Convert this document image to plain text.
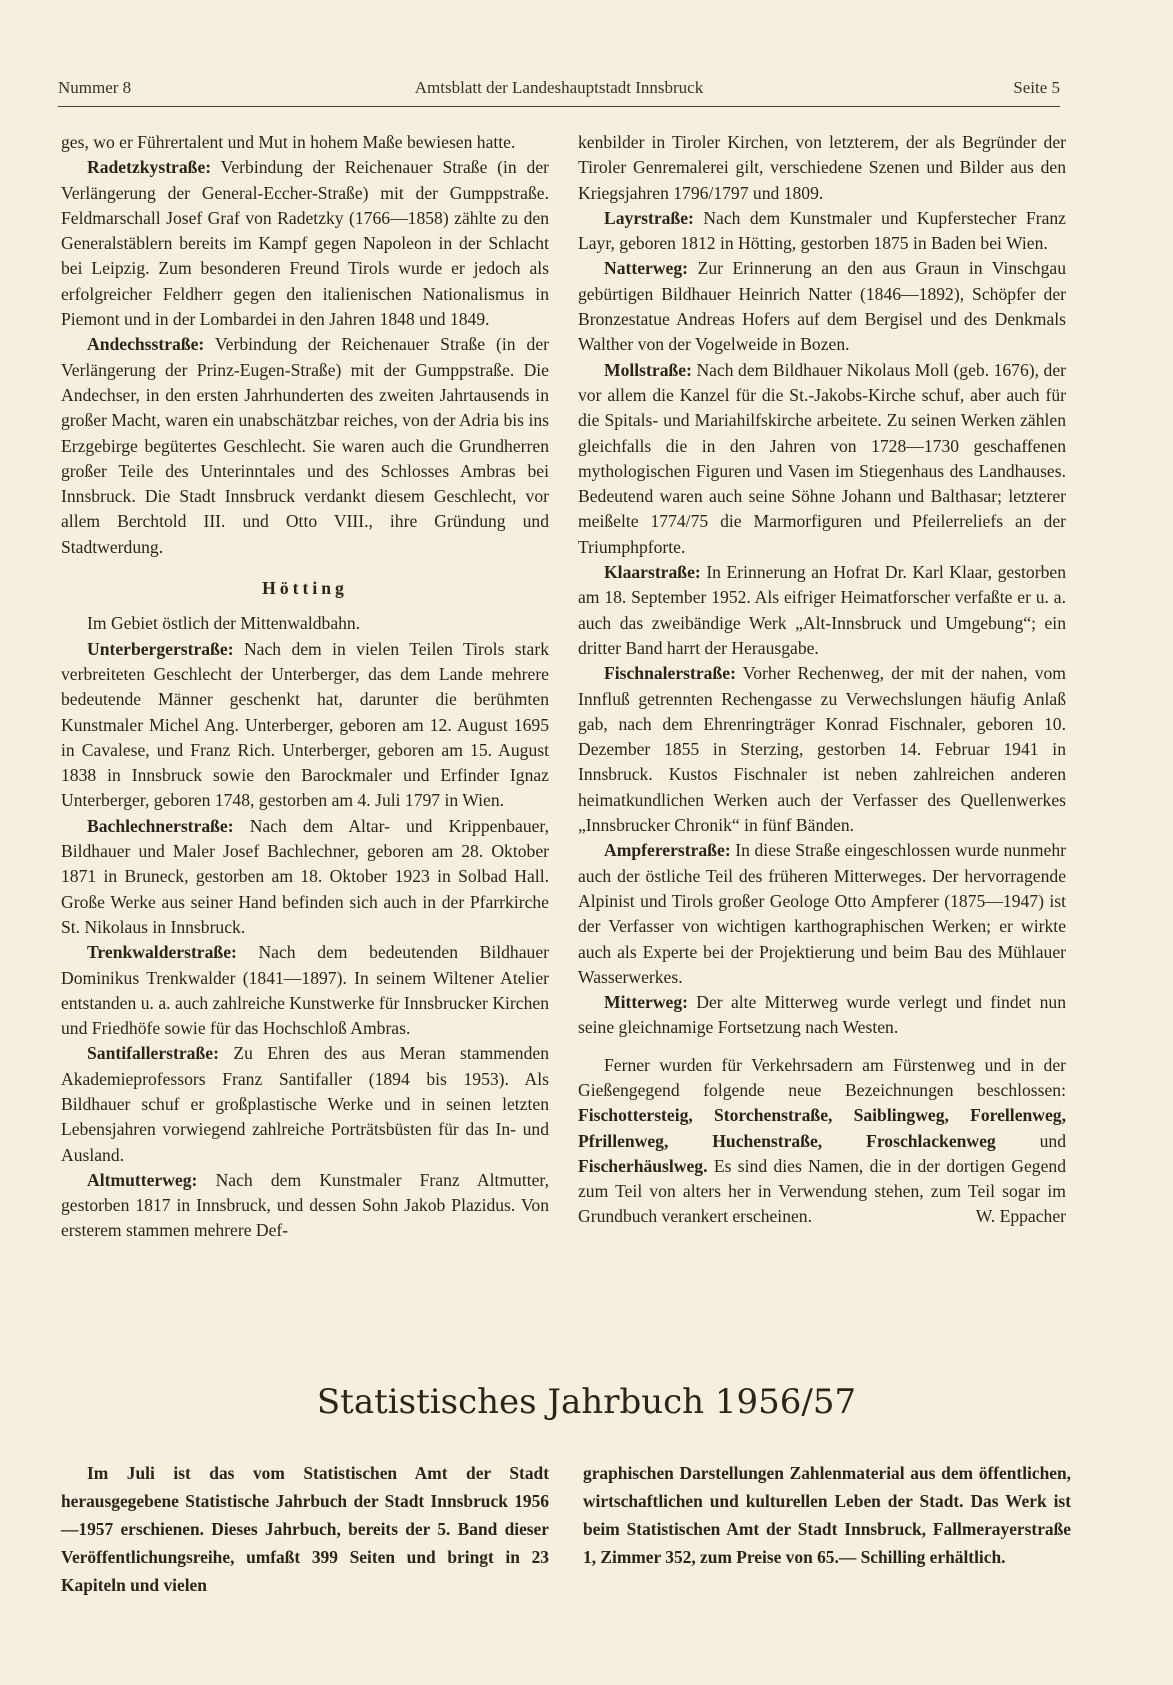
Nummer 8	Amtsblatt der Landeshauptstadt Innsbruck	Seite 5

ges, wo er Führertalent und Mut in hohem Maße bewiesen hatte.

Radetzkystraße: Verbindung der Reichenauer Straße (in der Verlängerung der General-Eccher-Straße) mit der Gumppstraße. Feldmarschall Josef Graf von Radetzky (1766—1858) zählte zu den Generalstäblern bereits im Kampf gegen Napoleon in der Schlacht bei Leipzig. Zum besonderen Freund Tirols wurde er jedoch als erfolgreicher Feldherr gegen den italienischen Nationalismus in Piemont und in der Lombardei in den Jahren 1848 und 1849.

Andechsstraße: Verbindung der Reichenauer Straße (in der Verlängerung der Prinz-Eugen-Straße) mit der Gumppstraße. Die Andechser, in den ersten Jahrhunderten des zweiten Jahrtausends in großer Macht, waren ein unabschätzbar reiches, von der Adria bis ins Erzgebirge begütertes Geschlecht. Sie waren auch die Grundherren großer Teile des Unterinntales und des Schlosses Ambras bei Innsbruck. Die Stadt Innsbruck verdankt diesem Geschlecht, vor allem Berchtold III. und Otto VIII., ihre Gründung und Stadtwerdung.

Hötting

Im Gebiet östlich der Mittenwaldbahn.

Unterbergerstraße: Nach dem in vielen Teilen Tirols stark verbreiteten Geschlecht der Unterberger, das dem Lande mehrere bedeutende Männer geschenkt hat, darunter die berühmten Kunstmaler Michel Ang. Unterberger, geboren am 12. August 1695 in Cavalese, und Franz Rich. Unterberger, geboren am 15. August 1838 in Innsbruck sowie den Barockmaler und Erfinder Ignaz Unterberger, geboren 1748, gestorben am 4. Juli 1797 in Wien.

Bachlechnerstraße: Nach dem Altar- und Krippenbauer, Bildhauer und Maler Josef Bachlechner, geboren am 28. Oktober 1871 in Bruneck, gestorben am 18. Oktober 1923 in Solbad Hall. Große Werke aus seiner Hand befinden sich auch in der Pfarrkirche St. Nikolaus in Innsbruck.

Trenkwalderstraße: Nach dem bedeutenden Bildhauer Dominikus Trenkwalder (1841—1897). In seinem Wiltener Atelier entstanden u. a. auch zahlreiche Kunstwerke für Innsbrucker Kirchen und Friedhöfe sowie für das Hochschloß Ambras.

Santifallerstraße: Zu Ehren des aus Meran stammenden Akademieprofessors Franz Santifaller (1894 bis 1953). Als Bildhauer schuf er großplastische Werke und in seinen letzten Lebensjahren vorwiegend zahlreiche Porträtsbüsten für das In- und Ausland.

Altmutterweg: Nach dem Kunstmaler Franz Altmutter, gestorben 1817 in Innsbruck, und dessen Sohn Jakob Plazidus. Von ersterem stammen mehrere Def-

kenbilder in Tiroler Kirchen, von letzterem, der als Begründer der Tiroler Genremalerei gilt, verschiedene Szenen und Bilder aus den Kriegsjahren 1796/1797 und 1809.

Layrstraße: Nach dem Kunstmaler und Kupferstecher Franz Layr, geboren 1812 in Hötting, gestorben 1875 in Baden bei Wien.

Natterweg: Zur Erinnerung an den aus Graun in Vinschgau gebürtigen Bildhauer Heinrich Natter (1846—1892), Schöpfer der Bronzestatue Andreas Hofers auf dem Bergisel und des Denkmals Walther von der Vogelweide in Bozen.

Mollstraße: Nach dem Bildhauer Nikolaus Moll (geb. 1676), der vor allem die Kanzel für die St.-Jakobs-Kirche schuf, aber auch für die Spitals- und Mariahilfskirche arbeitete. Zu seinen Werken zählen gleichfalls die in den Jahren von 1728—1730 geschaffenen mythologischen Figuren und Vasen im Stiegenhaus des Landhauses. Bedeutend waren auch seine Söhne Johann und Balthasar; letzterer meißelte 1774/75 die Marmorfiguren und Pfeilerreliefs an der Triumphpforte.

Klaarstraße: In Erinnerung an Hofrat Dr. Karl Klaar, gestorben am 18. September 1952. Als eifriger Heimatforscher verfaßte er u. a. auch das zweibändige Werk „Alt-Innsbruck und Umgebung“; ein dritter Band harrt der Herausgabe.

Fischnalerstraße: Vorher Rechenweg, der mit der nahen, vom Innfluß getrennten Rechengasse zu Verwechslungen häufig Anlaß gab, nach dem Ehrenringträger Konrad Fischnaler, geboren 10. Dezember 1855 in Sterzing, gestorben 14. Februar 1941 in Innsbruck. Kustos Fischnaler ist neben zahlreichen anderen heimatkundlichen Werken auch der Verfasser des Quellenwerkes „Innsbrucker Chronik“ in fünf Bänden.

Ampfererstraße: In diese Straße eingeschlossen wurde nunmehr auch der östliche Teil des früheren Mitterweges. Der hervorragende Alpinist und Tirols großer Geologe Otto Ampferer (1875—1947) ist der Verfasser von wichtigen karthographischen Werken; er wirkte auch als Experte bei der Projektierung und beim Bau des Mühlauer Wasserwerkes.

Mitterweg: Der alte Mitterweg wurde verlegt und findet nun seine gleichnamige Fortsetzung nach Westen.

Ferner wurden für Verkehrsadern am Fürstenweg und in der Gießengegend folgende neue Bezeichnungen beschlossen: Fischottersteig, Storchenstraße, Saiblingweg, Forellenweg, Pfrillenweg, Huchenstraße, Froschlackenweg und Fischerhäuslweg. Es sind dies Namen, die in der dortigen Gegend zum Teil von alters her in Verwendung stehen, zum Teil sogar im Grundbuch verankert erscheinen.	W. Eppacher

Statistisches Jahrbuch 1956/57
Im Juli ist das vom Statistischen Amt der Stadt herausgegebene Statistische Jahrbuch der Stadt Innsbruck 1956—1957 erschienen. Dieses Jahrbuch, bereits der 5. Band dieser Veröffentlichungsreihe, umfaßt 399 Seiten und bringt in 23 Kapiteln und vielen
graphischen Darstellungen Zahlenmaterial aus dem öffentlichen, wirtschaftlichen und kulturellen Leben der Stadt. Das Werk ist beim Statistischen Amt der Stadt Innsbruck, Fallmerayerstraße 1, Zimmer 352, zum Preise von 65.— Schilling erhältlich.
